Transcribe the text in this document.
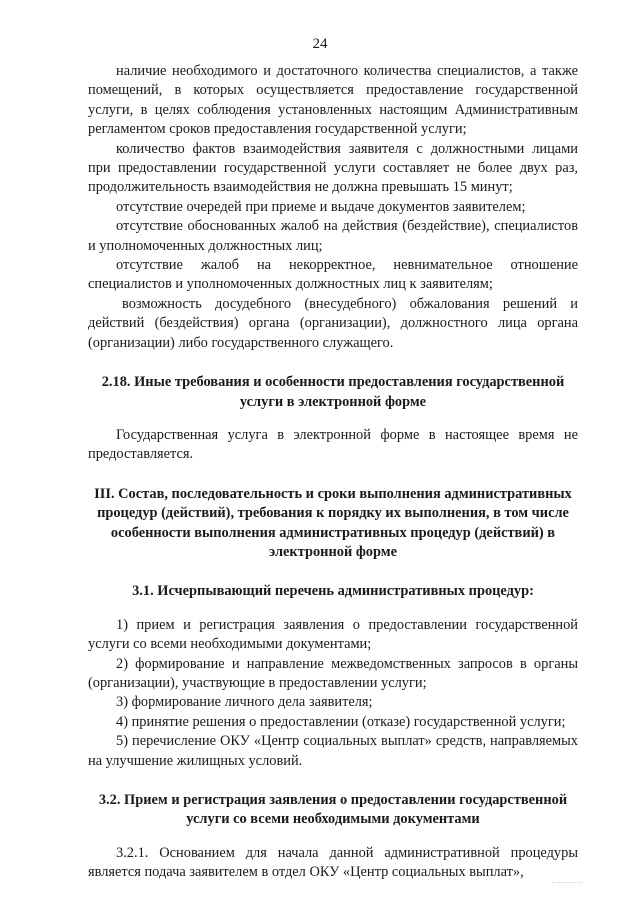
24

наличие необходимого и достаточного количества специалистов, а также помещений, в которых осуществляется предоставление государственной услуги, в целях соблюдения установленных настоящим Административным регламентом сроков предоставления государственной услуги;

количество фактов взаимодействия заявителя с должностными лицами при предоставлении государственной услуги составляет не более двух раз, продолжительность взаимодействия не должна превышать 15 минут;

отсутствие очередей при приеме и выдаче документов заявителем;

отсутствие обоснованных жалоб на действия (бездействие), специалистов и уполномоченных должностных лиц;

отсутствие жалоб на некорректное, невнимательное отношение специалистов и уполномоченных должностных лиц к заявителям;

возможность досудебного (внесудебного) обжалования решений и действий (бездействия) органа (организации), должностного лица органа (организации) либо государственного служащего.

2.18. Иные требования и особенности предоставления государственной услуги в электронной форме

Государственная услуга в электронной форме в настоящее время не предоставляется.

III. Состав, последовательность и сроки выполнения административных процедур (действий), требования к порядку их выполнения, в том числе особенности выполнения административных процедур (действий) в электронной форме

3.1. Исчерпывающий перечень административных процедур:

1) прием и регистрация заявления о предоставлении государственной услуги со всеми необходимыми документами;

2) формирование и направление межведомственных запросов в органы (организации), участвующие в предоставлении услуги;

3) формирование личного дела заявителя;

4) принятие решения о предоставлении (отказе) государственной услуги;

5) перечисление ОКУ «Центр социальных выплат» средств, направляемых на улучшение жилищных условий.

3.2. Прием и регистрация заявления о предоставлении государственной услуги со всеми необходимыми документами

3.2.1. Основанием для начала данной административной процедуры является подача заявителем в отдел ОКУ «Центр социальных выплат»,
